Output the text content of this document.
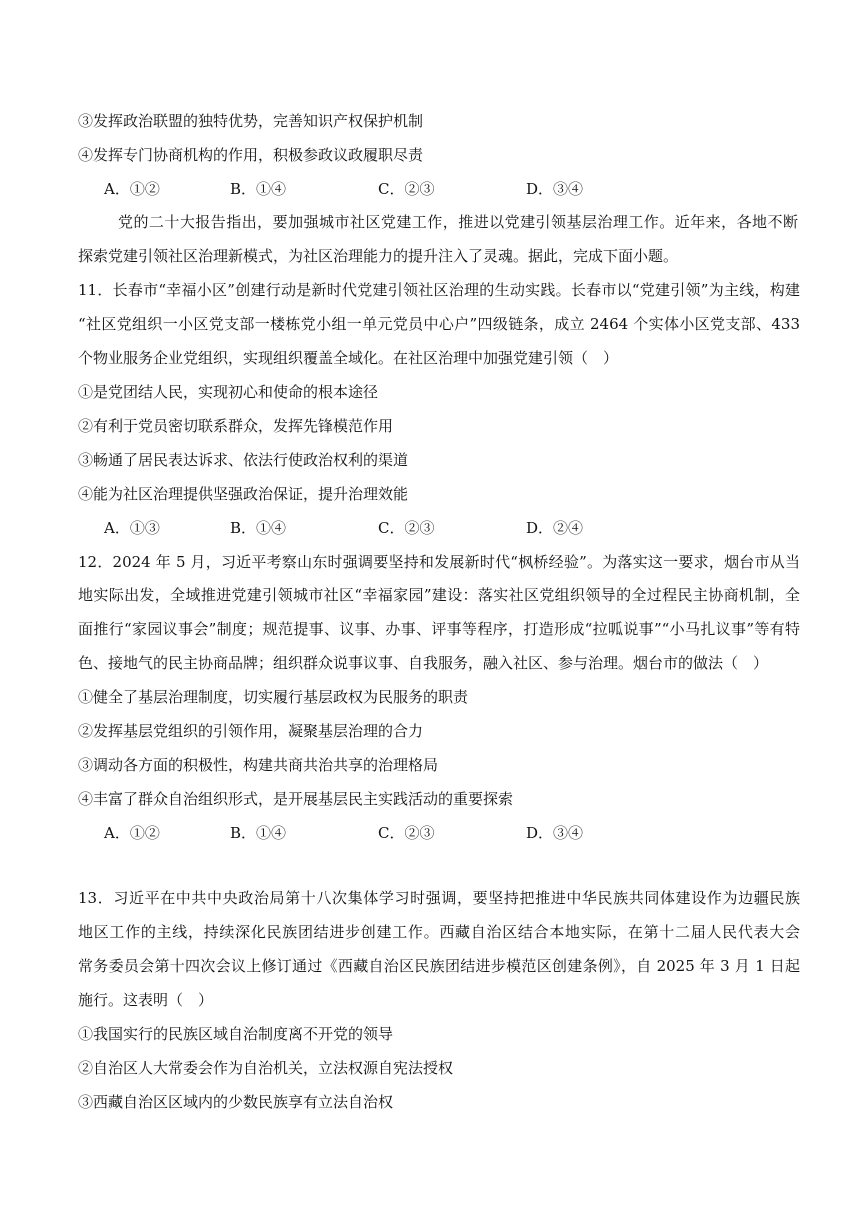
③发挥政治联盟的独特优势，完善知识产权保护机制
④发挥专门协商机构的作用，积极参政议政履职尽责
A．①②	B．①④	C．②③	D．③④
党的二十大报告指出，要加强城市社区党建工作，推进以党建引领基层治理工作。近年来，各地不断
探索党建引领社区治理新模式，为社区治理能力的提升注入了灵魂。据此，完成下面小题。
11．长春市“幸福小区”创建行动是新时代党建引领社区治理的生动实践。长春市以“党建引领”为主线，构建
“社区党组织一小区党支部一楼栋党小组一单元党员中心户”四级链条，成立 2464 个实体小区党支部、433
个物业服务企业党组织，实现组织覆盖全域化。在社区治理中加强党建引领（　）
①是党团结人民，实现初心和使命的根本途径
②有利于党员密切联系群众，发挥先锋模范作用
③畅通了居民表达诉求、依法行使政治权利的渠道
④能为社区治理提供坚强政治保证，提升治理效能
A．①③	B．①④	C．②③	D．②④
12．2024 年 5 月，习近平考察山东时强调要坚持和发展新时代“枫桥经验”。为落实这一要求，烟台市从当
地实际出发，全域推进党建引领城市社区“幸福家园”建设：落实社区党组织领导的全过程民主协商机制，全
面推行“家园议事会”制度；规范提事、议事、办事、评事等程序，打造形成“拉呱说事”“小马扎议事”等有特
色、接地气的民主协商品牌；组织群众说事议事、自我服务，融入社区、参与治理。烟台市的做法（　）
①健全了基层治理制度，切实履行基层政权为民服务的职责
②发挥基层党组织的引领作用，凝聚基层治理的合力
③调动各方面的积极性，构建共商共治共享的治理格局
④丰富了群众自治组织形式，是开展基层民主实践活动的重要探索
A．①②	B．①④	C．②③	D．③④
13．习近平在中共中央政治局第十八次集体学习时强调，要坚持把推进中华民族共同体建设作为边疆民族
地区工作的主线，持续深化民族团结进步创建工作。西藏自治区结合本地实际，在第十二届人民代表大会
常务委员会第十四次会议上修订通过《西藏自治区民族团结进步模范区创建条例》，自 2025 年 3 月 1 日起
施行。这表明（　）
①我国实行的民族区域自治制度离不开党的领导
②自治区人大常委会作为自治机关，立法权源自宪法授权
③西藏自治区区域内的少数民族享有立法自治权
